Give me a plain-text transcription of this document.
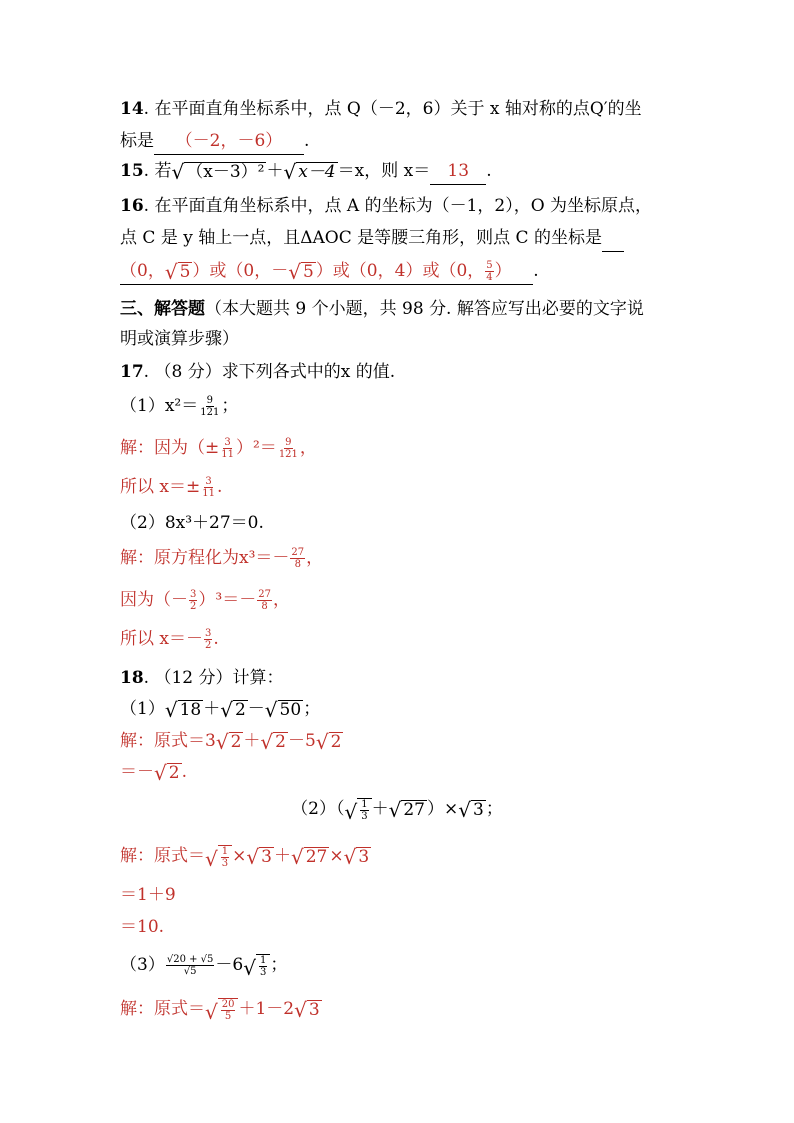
14. 在平面直角坐标系中，点 Q（－2，6）关于 x 轴对称的点Q′的坐
标是 （－2，－6） .
15. 若 √ （x－3）² ＋ √ x－4 ＝x，则 x＝ 13 .
16. 在平面直角坐标系中，点 A 的坐标为（－1，2），O 为坐标原点，
点 C 是 y 轴上一点，且ΔAOC 是等腰三角形，则点 C 的坐标是
（0， √ 5 ）或（0，－ √ 5 ）或（0，4）或（0， $\frac{5}{4}$ ） .
三、解答题（本大题共 9 个小题，共 98 分. 解答应写出必要的文字说
明或演算步骤）
17. （8 分）求下列各式中的x 的值.
$(1)x^2= \frac{9}{121}$ ；
解：因为（± $\frac{3}{11} )^2= \frac{9}{121}$ ，
所以 $x=\pm \frac{3}{11}$ .
（2）8x³＋27＝0.
解：原方程化为$x^3=- \frac{27}{8}$ ，
因为（－ $\frac{3}{2} )^3=- \frac{27}{8}$ ，
所以 $x=- \frac{3}{2}$ .
18. （12 分）计算：
（1） √ 18 ＋ √ 2 － √ 50 ；
解：原式＝3 √ 2 ＋ √ 2 －5 √ 2
＝－ √ 2 .
（2）（ √ $\frac{1}{3}$ ＋ √ 27 ）× √ 3 ；
解：原式＝ √ $\frac{1}{3}$ × √ 3 ＋ √ 27 × √ 3
＝1＋9
＝10.
$(3) \frac{√20 + √5}{√5} -6$ √ $\frac{1}{3}$ ；
解：原式＝ √ $\frac{20}{5} +1-2$ √ 3
